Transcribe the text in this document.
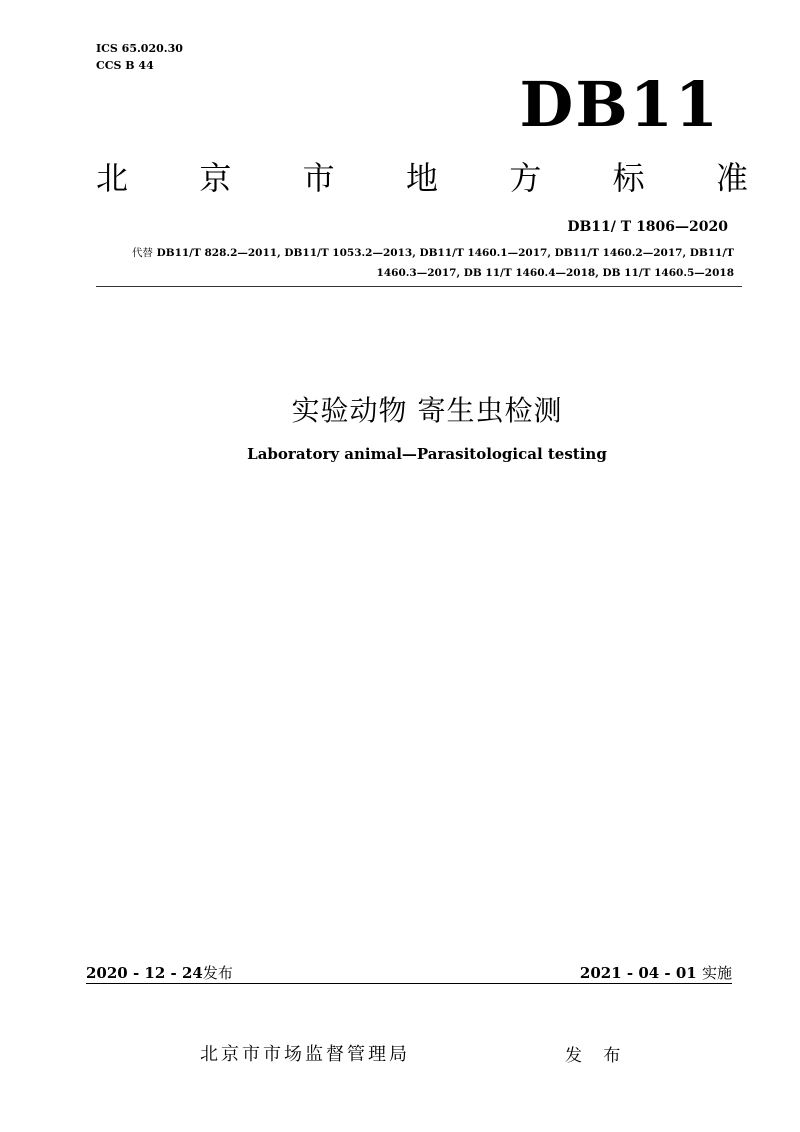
ICS 65.020.30
CCS B 44
DB11
北 京 市 地 方 标 准
DB11/ T 1806—2020
代替 DB11/T 828.2—2011, DB11/T 1053.2—2013, DB11/T 1460.1—2017, DB11/T 1460.2—2017, DB11/T
1460.3—2017, DB 11/T 1460.4—2018, DB 11/T 1460.5—2018
实验动物 寄生虫检测
Laboratory animal—Parasitological testing
2020 - 12 - 24发布	2021 - 04 - 01 实施
北京市市场监督管理局	发 布
